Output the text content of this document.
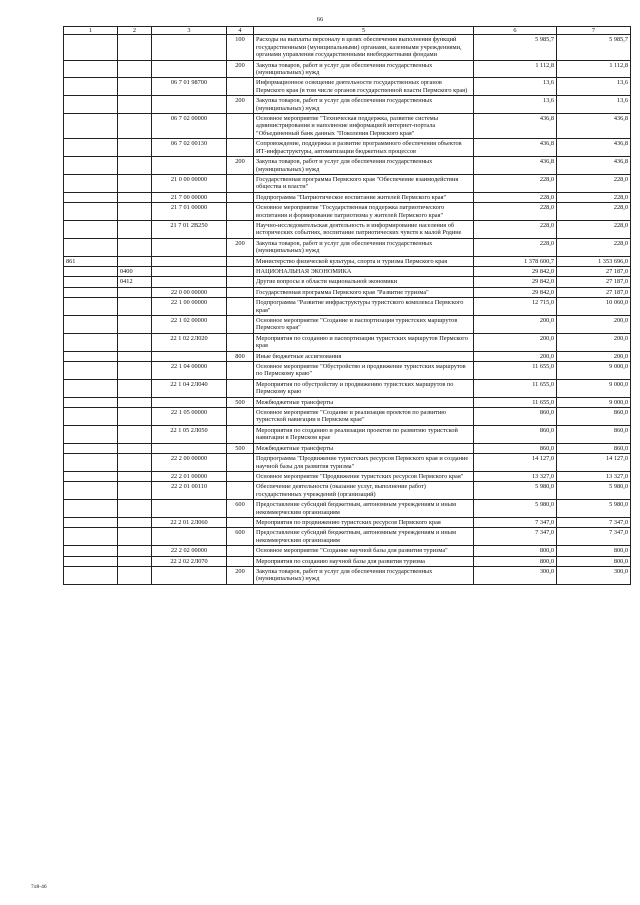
66
1	2	3	4	5	6	7
			100	Расходы на выплаты персоналу в целях обеспечения выполнения функций государственными (муниципальными) органами, казенными учреждениями, органами управления государственными внебюджетными фондами	5 985,7	5 985,7
			200	Закупка товаров, работ и услуг для обеспечения государственных (муниципальных) нужд	1 112,8	1 112,8
		06 7 01 98700		Информационное освещение деятельности государственных органов Пермского края (в том числе органов государственной власти Пермского края)	13,6	13,6
			200	Закупка товаров, работ и услуг для обеспечения государственных (муниципальных) нужд	13,6	13,6
		06 7 02 00000		Основное мероприятие "Техническая поддержка, развитие системы администрирования и наполнение информацией интернет-портала "Объединенный банк данных "Поколения Пермского края"	436,8	436,8
		06 7 02 00130		Сопровождение, поддержка и развитие программного обеспечения объектов ИТ-инфраструктуры, автоматизации бюджетных процессов	436,8	436,8
			200	Закупка товаров, работ и услуг для обеспечения государственных (муниципальных) нужд	436,8	436,8
		21 0 00 00000		Государственная программа Пермского края "Обеспечение взаимодействия общества и власти"	228,0	228,0
		21 7 00 00000		Подпрограмма "Патриотическое воспитание жителей Пермского края"	228,0	228,0
		21 7 01 00000		Основное мероприятие "Государственная поддержка патриотического воспитания и формирование патриотизма у жителей Пермского края"	228,0	228,0
		21 7 01 2В250		Научно-исследовательская деятельность и информирование населения об исторических событиях, воспитание патриотических чувств к малой Родине	228,0	228,0
			200	Закупка товаров, работ и услуг для обеспечения государственных (муниципальных) нужд	228,0	228,0
861				Министерство физической культуры, спорта и туризма Пермского края	1 378 600,7	1 353 696,0
	0400			НАЦИОНАЛЬНАЯ ЭКОНОМИКА	29 842,0	27 187,0
	0412			Другие вопросы в области национальной экономики	29 842,0	27 187,0
		22 0 00 00000		Государственная программа Пермского края "Развитие туризма"	29 842,0	27 187,0
		22 1 00 00000		Подпрограмма "Развитие инфраструктуры туристского комплекса Пермского края"	12 715,0	10 060,0
		22 1 02 00000		Основное мероприятие "Создание и паспортизация туристских маршрутов Пермского края"	200,0	200,0
		22 1 02 2Л020		Мероприятия по созданию и паспортизации туристских маршрутов Пермского края	200,0	200,0
			800	Иные бюджетные ассигнования	200,0	200,0
		22 1 04 00000		Основное мероприятие "Обустройство и продвижение туристских маршрутов по Пермскому краю"	11 655,0	9 000,0
		22 1 04 2Л040		Мероприятия по обустройству и продвижению туристских маршрутов по Пермскому краю	11 655,0	9 000,0
			500	Межбюджетные трансферты	11 655,0	9 000,0
		22 1 05 00000		Основное мероприятие "Создание и реализация проектов по развитию туристской навигации в Пермском крае"	860,0	860,0
		22 1 05 2Л050		Мероприятия по созданию и реализации проектов по развитию туристской навигации в Пермском крае	860,0	860,0
			500	Межбюджетные трансферты	860,0	860,0
		22 2 00 00000		Подпрограмма "Продвижение туристских ресурсов Пермского края и создание научной базы для развития туризма"	14 127,0	14 127,0
		22 2 01 00000		Основное мероприятие "Продвижение туристских ресурсов Пермского края"	13 327,0	13 327,0
		22 2 01 00110		Обеспечение деятельности (оказание услуг, выполнение работ) государственных учреждений (организаций)	5 980,0	5 980,0
			600	Предоставление субсидий бюджетным, автономным учреждениям и иным некоммерческим организациям	5 980,0	5 980,0
		22 2 01 2Л060		Мероприятия по продвижению туристских ресурсов Пермского края	7 347,0	7 347,0
			600	Предоставление субсидий бюджетным, автономным учреждениям и иным некоммерческим организациям	7 347,0	7 347,0
		22 2 02 00000		Основное мероприятие "Создание научной базы для развития туризма"	800,0	800,0
		22 2 02 2Л070		Мероприятия по созданию научной базы для развития туризма	800,0	800,0
			200	Закупка товаров, работ и услуг для обеспечения государственных (муниципальных) нужд	300,0	300,0
7л8-46
